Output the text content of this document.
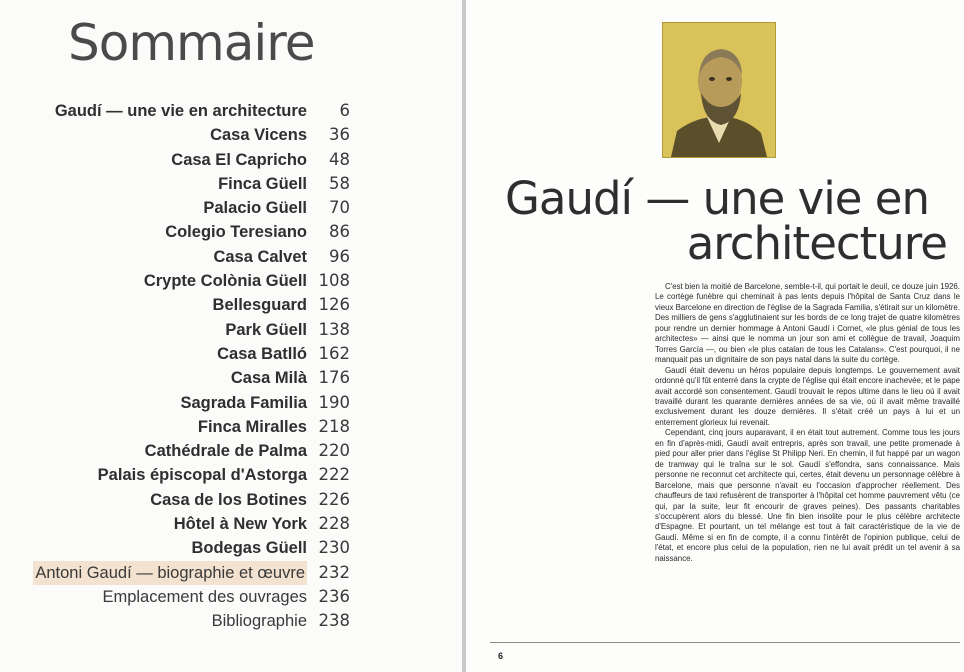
Sommaire
Gaudí — une vie en architecture	6
Casa Vicens	36
Casa El Capricho	48
Finca Güell	58
Palacio Güell	70
Colegio Teresiano	86
Casa Calvet	96
Crypte Colònia Güell 108
Bellesguard 126
Park Güell 138
Casa Batlló 162
Casa Milà 176
Sagrada Familia 190
Finca Miralles 218
Cathédrale de Palma 220
Palais épiscopal d'Astorga 222
Casa de los Botines 226
Hôtel à New York 228
Bodegas Güell 230
Antoni Gaudí — biographie et œuvre 232
Emplacement des ouvrages 236
Bibliographie 238
Gaudí — une vie en
architecture

C'est bien la moitié de Barcelone, semble-t-il, qui portait le deuil, ce douze juin 1926. Le cortège funèbre qui cheminait à pas lents depuis l'hôpital de Santa Cruz dans le vieux Barcelone en direction de l'église de la Sagrada Familia, s'étirait sur un kilomètre. Des milliers de gens s'agglutinaient sur les bords de ce long trajet de quatre kilomètres pour rendre un dernier hommage à Antoni Gaudí i Cornet, «le plus génial de tous les architectes» — ainsi que le nomma un jour son ami et collègue de travail, Joaquim Torres García —, ou bien «le plus catalan de tous les Catalans». C'est pourquoi, il ne manquait pas un dignitaire de son pays natal dans la suite du cortège.

Gaudí était devenu un héros populaire depuis longtemps. Le gouvernement avait ordonné qu'il fût enterré dans la crypte de l'église qui était encore inachevée; et le pape avait accordé son consentement. Gaudí trouvait le repos ultime dans le lieu où il avait travaillé durant les quarante dernières années de sa vie, où il avait même travaillé exclusivement durant les douze dernières. Il s'était créé un pays à lui et un enterrement glorieux lui revenait.

Cependant, cinq jours auparavant, il en était tout autrement. Comme tous les jours en fin d'après-midi, Gaudí avait entrepris, après son travail, une petite promenade à pied pour aller prier dans l'église St Philipp Neri. En chemin, il fut happé par un wagon de tramway qui le traîna sur le sol. Gaudí s'effondra, sans connaissance. Mais personne ne reconnut cet architecte qui, certes, était devenu un personnage célèbre à Barcelone, mais que personne n'avait eu l'occasion d'approcher réellement. Des chauffeurs de taxi refusèrent de transporter à l'hôpital cet homme pauvrement vêtu (ce qui, par la suite, leur fit encourir de graves peines). Des passants charitables s'occupèrent alors du blessé. Une fin bien insolite pour le plus célèbre architecte d'Espagne. Et pourtant, un tel mélange est tout à fait caractéristique de la vie de Gaudí. Même si en fin de compte, il a connu l'intérêt de l'opinion publique, celui de l'état, et encore plus celui de la population, rien ne lui avait prédit un tel avenir à sa naissance.

6
